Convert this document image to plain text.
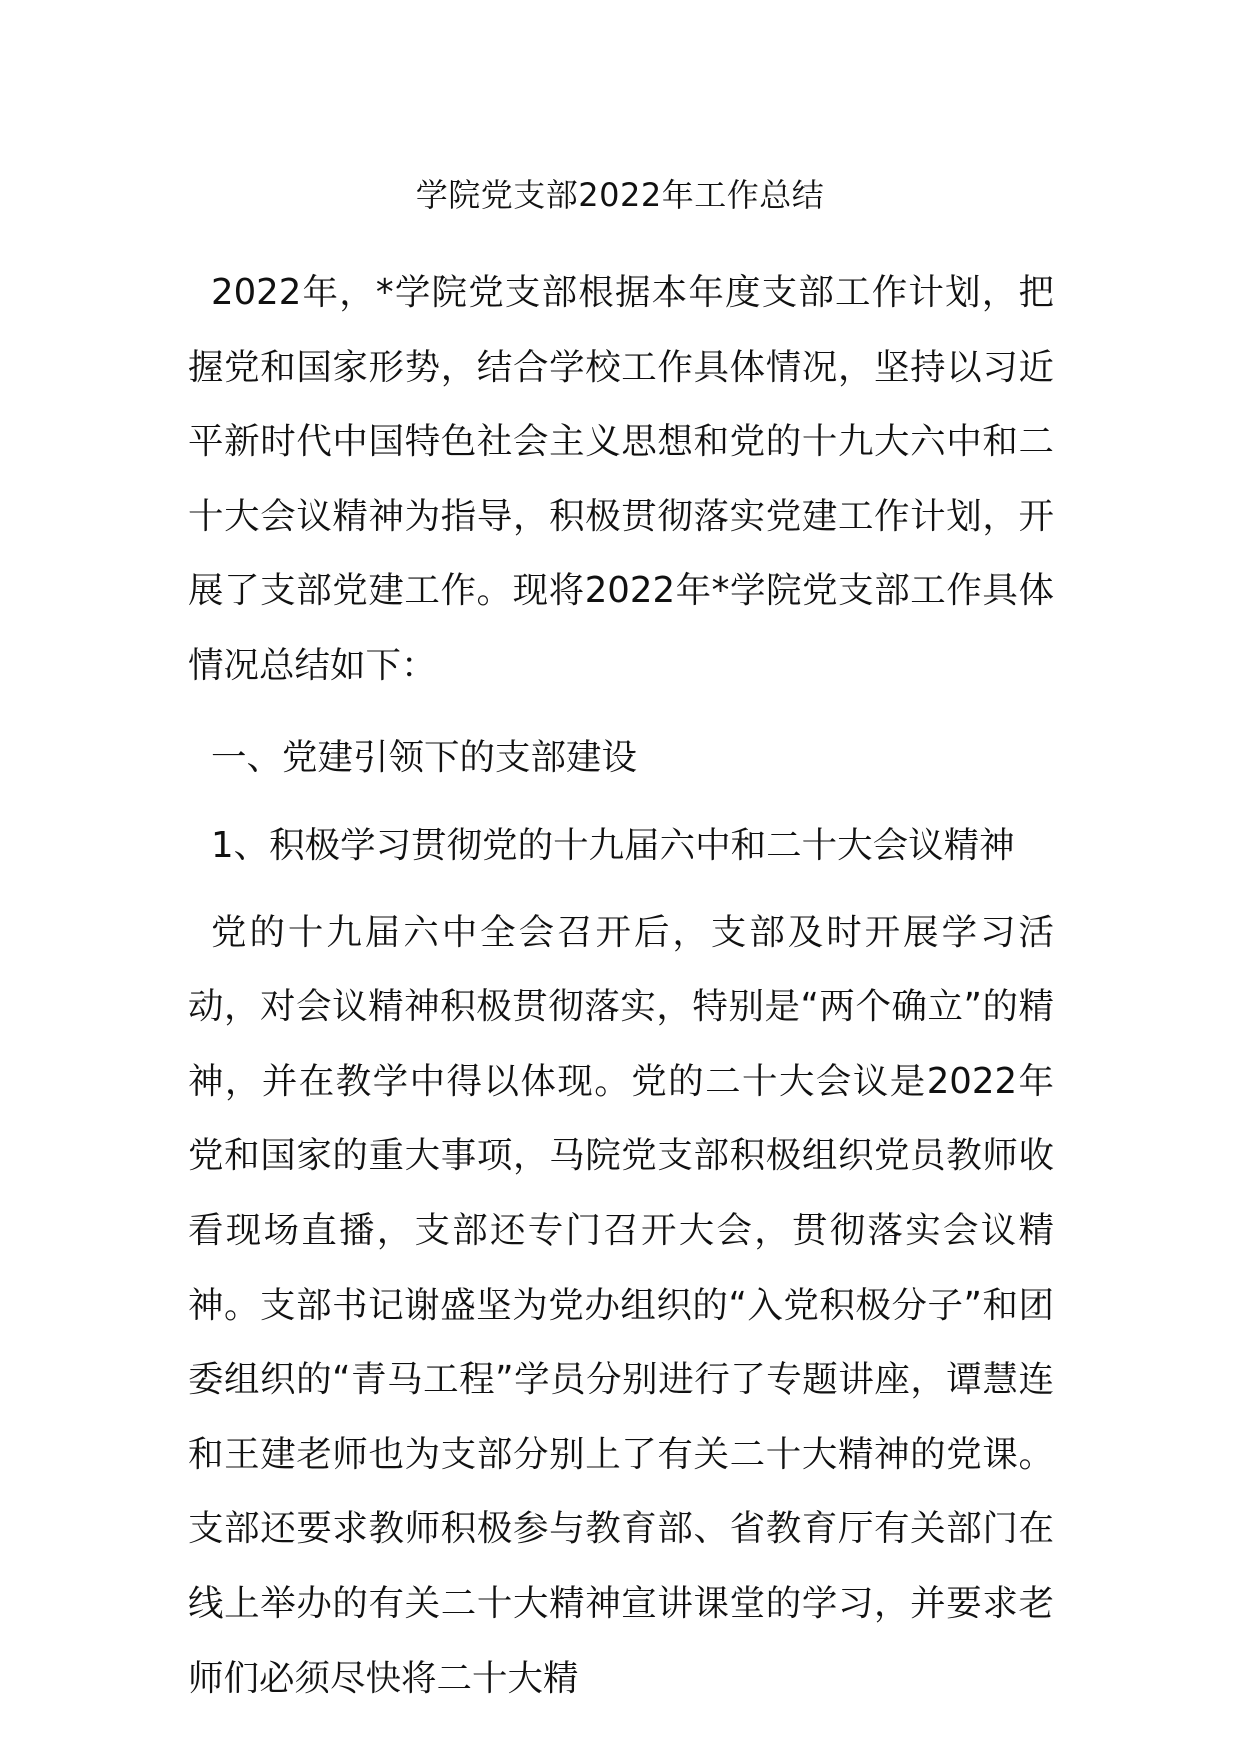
学院党支部2022年工作总结

2022年，*学院党支部根据本年度支部工作计划，把握党和国家形势，结合学校工作具体情况，坚持以习近平新时代中国特色社会主义思想和党的十九大六中和二十大会议精神为指导，积极贯彻落实党建工作计划，开展了支部党建工作。现将2022年*学院党支部工作具体情况总结如下：

一、党建引领下的支部建设

1、积极学习贯彻党的十九届六中和二十大会议精神

党的十九届六中全会召开后，支部及时开展学习活动，对会议精神积极贯彻落实，特别是“两个确立”的精神，并在教学中得以体现。党的二十大会议是2022年党和国家的重大事项，马院党支部积极组织党员教师收看现场直播，支部还专门召开大会，贯彻落实会议精神。支部书记谢盛坚为党办组织的“入党积极分子”和团委组织的“青马工程”学员分别进行了专题讲座，谭慧连和王建老师也为支部分别上了有关二十大精神的党课。支部还要求教师积极参与教育部、省教育厅有关部门在线上举办的有关二十大精神宣讲课堂的学习，并要求老师们必须尽快将二十大精
